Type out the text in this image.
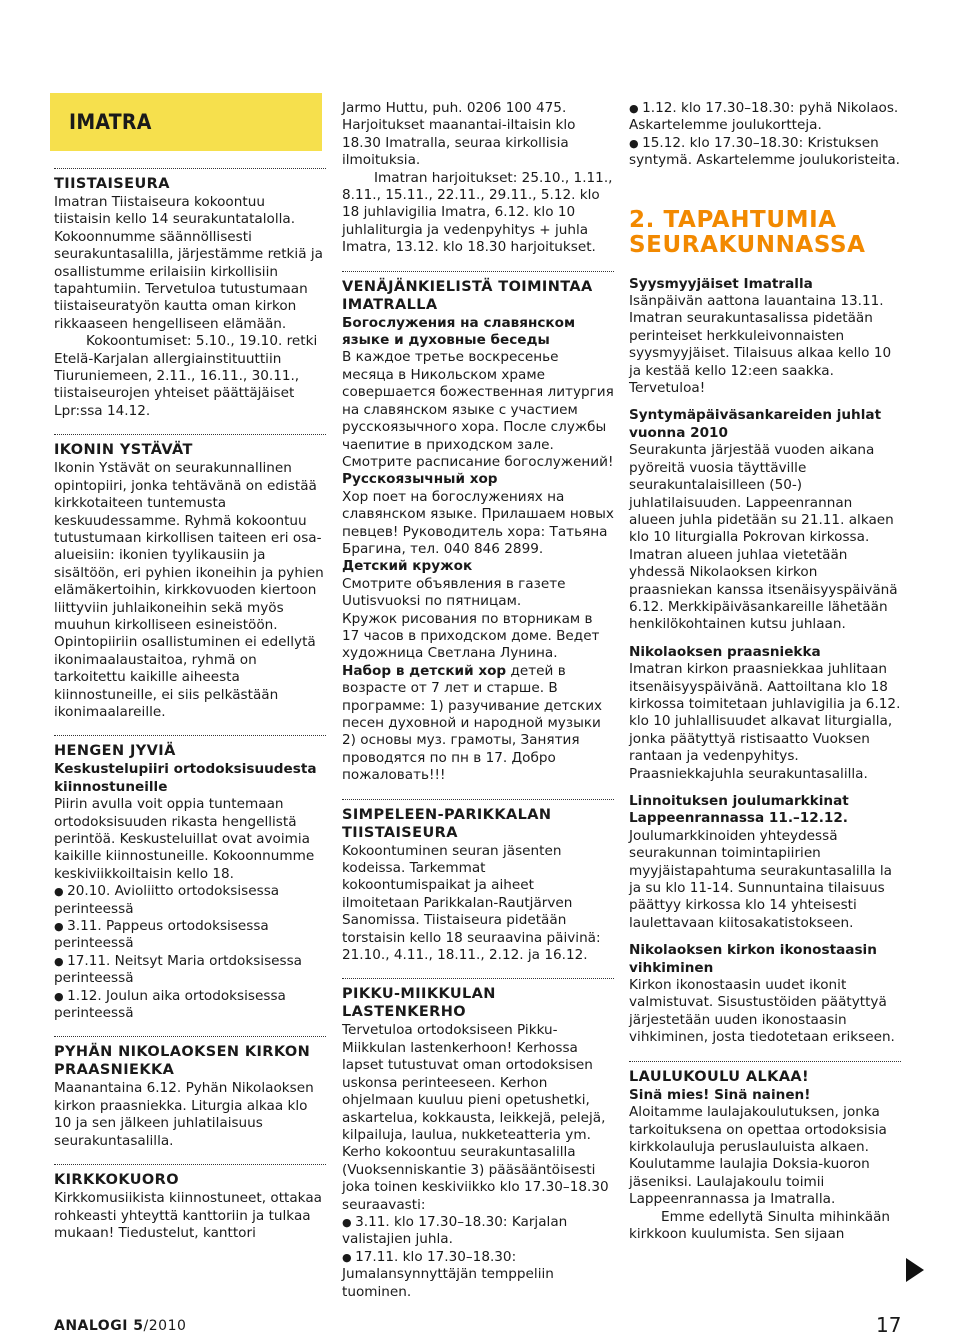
IMATRA
TIISTAISEURA

Imatran Tiistaiseura kokoontuu tiistaisin kello 14 seurakuntatalolla. Kokoonnumme säännöllisesti seurakuntasalilla, järjestämme retkiä ja osallistumme erilaisiin kirkollisiin tapahtumiin. Tervetuloa tutustumaan tiistaiseuratyön kautta oman kirkon rikkaaseen hengelliseen elämään.

Kokoontumiset: 5.10., 19.10. retki Etelä-Karjalan allergiainstituuttiin Tiuruniemeen, 2.11., 16.11., 30.11., tiistaiseurojen yhteiset päättäjäiset Lpr:ssa 14.12.

IKONIN YSTÄVÄT

Ikonin Ystävät on seurakunnallinen opintopiiri, jonka tehtävänä on edistää kirkkotaiteen tuntemusta keskuudessamme. Ryhmä kokoontuu tutustumaan kirkollisen taiteen eri osa-alueisiin: ikonien tyylikausiin ja sisältöön, eri pyhien ikoneihin ja pyhien elämäkertoihin, kirkkovuoden kiertoon liittyviin juhlaikoneihin sekä myös muuhun kirkolliseen esineistöön. Opintopiiriin osallistuminen ei edellytä ikonimaalaustaitoa, ryhmä on tarkoitettu kaikille aiheesta kiinnostuneille, ei siis pelkästään ikonimaalareille.

HENGEN JYVIÄ
Keskustelupiiri ortodoksisuudesta kiinnostuneille

Piirin avulla voit oppia tuntemaan ortodoksisuuden rikasta hengellistä perintöä. Keskusteluillat ovat avoimia kaikille kiinnostuneille. Kokoonnumme keskiviikkoiltaisin kello 18.

● 20.10. Avioliitto ortodoksisessa perinteessä

● 3.11. Pappeus ortodoksisessa perinteessä

● 17.11. Neitsyt Maria ortdoksisessa perinteessä

● 1.12. Joulun aika ortodoksisessa perinteessä

PYHÄN NIKOLAOKSEN KIRKON PRAASNIEKKA

Maanantaina 6.12. Pyhän Nikolaoksen kirkon praasniekka. Liturgia alkaa klo 10 ja sen jälkeen juhlatilaisuus seurakuntasalilla.

KIRKKOKUORO

Kirkkomusiikista kiinnostuneet, ottakaa rohkeasti yhteyttä kanttoriin ja tulkaa mukaan! Tiedustelut, kanttori

Jarmo Huttu, puh. 0206 100 475. Harjoitukset maanantai-iltaisin klo 18.30 Imatralla, seuraa kirkollisia ilmoituksia.

Imatran harjoitukset: 25.10., 1.11., 8.11., 15.11., 22.11., 29.11., 5.12. klo 18 juhlavigilia Imatra, 6.12. klo 10 juhlaliturgia ja vedenpyhitys + juhla Imatra, 13.12. klo 18.30 harjoitukset.

VENÄJÄNKIELISTÄ TOIMINTAA IMATRALLA
Богослужения на славянском языке и духовные беседы

В каждое третье воскресенье месяца в Никольском храме совершается божественная литургия на славянском языке с участием русскоязычного хора. После службы чаепитие в приходском зале. Смотрите расписание богослужений!

Русскоязычный хор

Хор поет на богослужениях на славянском языке. Прилашаем новых певцев! Руководитель хора: Татьяна Брагина, тел. 040 846 2899.

Детский кружок

Смотрите объявления в газете Uutisvuoksi по пятницам.

Кружок рисования по вторникам в 17 часов в приходском доме. Ведет художница Светлана Лунина.

Набор в детский хор детей в возрасте от 7 лет и старше. В программе: 1) разучивание детских песен духовной и народной музыки 2) основы муз. грамоты, Занятия проводятся по пн в 17. Добро пожаловать!!!

SIMPELEEN-PARIKKALAN TIISTAISEURA

Kokoontuminen seuran jäsenten kodeissa. Tarkemmat kokoontumispaikat ja aiheet ilmoitetaan Parikkalan-Rautjärven Sanomissa. Tiistaiseura pidetään torstaisin kello 18 seuraavina päivinä: 21.10., 4.11., 18.11., 2.12. ja 16.12.

PIKKU-MIIKKULAN LASTENKERHO

Tervetuloa ortodoksiseen Pikku-Miikkulan lastenkerhoon! Kerhossa lapset tutustuvat oman ortodoksisen uskonsa perinteeseen. Kerhon ohjelmaan kuuluu pieni opetushetki, askartelua, kokkausta, leikkejä, pelejä, kilpailuja, laulua, nukketeatteria ym. Kerho kokoontuu seurakuntasalilla (Vuoksenniskantie 3) pääsääntöisesti joka toinen keskiviikko klo 17.30–18.30 seuraavasti:

● 3.11. klo 17.30–18.30: Karjalan valistajien juhla.

● 17.11. klo 17.30–18.30: Jumalansynnyttäjän temppeliin tuominen.

● 1.12. klo 17.30–18.30: pyhä Nikolaos. Askartelemme joulukortteja.

● 15.12. klo 17.30–18.30: Kristuksen syntymä. Askartelemme joulukoristeita.

2. TAPAHTUMIA SEURAKUNNASSA
Syysmyyjäiset Imatralla

Isänpäivän aattona lauantaina 13.11. Imatran seurakuntasalissa pidetään perinteiset herkkuleivonnaisten syysmyyjäiset. Tilaisuus alkaa kello 10 ja kestää kello 12:een saakka. Tervetuloa!

Syntymäpäiväsankareiden juhlat vuonna 2010

Seurakunta järjestää vuoden aikana pyöreitä vuosia täyttäville seurakuntalaisilleen (50-) juhlatilaisuuden. Lappeenrannan alueen juhla pidetään su 21.11. alkaen klo 10 liturgialla Pokrovan kirkossa. Imatran alueen juhlaa vietetään yhdessä Nikolaoksen kirkon praasniekan kanssa itsenäisyyspäivänä 6.12. Merkkipäiväsankareille lähetään henkilökohtainen kutsu juhlaan.

Nikolaoksen praasniekka

Imatran kirkon praasniekkaa juhlitaan itsenäisyyspäivänä. Aattoiltana klo 18 kirkossa toimitetaan juhlavigilia ja 6.12. klo 10 juhlallisuudet alkavat liturgialla, jonka päätyttyä ristisaatto Vuoksen rantaan ja vedenpyhitys. Praasniekkajuhla seurakuntasalilla.

Linnoituksen joulumarkkinat Lappeenrannassa 11.–12.12.

Joulumarkkinoiden yhteydessä seurakunnan toimintapiirien myyjäistapahtuma seurakuntasalilla la ja su klo 11-14. Sunnuntaina tilaisuus päättyy kirkossa klo 14 yhteisesti laulettavaan kiitosakatistokseen.

Nikolaoksen kirkon ikonostaasin vihkiminen

Kirkon ikonostaasin uudet ikonit valmistuvat. Sisustustöiden päätyttyä järjestetään uuden ikonostaasin vihkiminen, josta tiedotetaan erikseen.

LAULUKOULU ALKAA!
Sinä mies! Sinä nainen!

Aloitamme laulajakoulutuksen, jonka tarkoituksena on opettaa ortodoksisia kirkkolauluja peruslauluista alkaen. Koulutamme laulajia Doksia-kuoron jäseniksi. Laulajakoulu toimii Lappeenrannassa ja Imatralla.

Emme edellytä Sinulta mihinkään kirkkoon kuulumista. Sen sijaan

ANALOGI 5/2010	17
